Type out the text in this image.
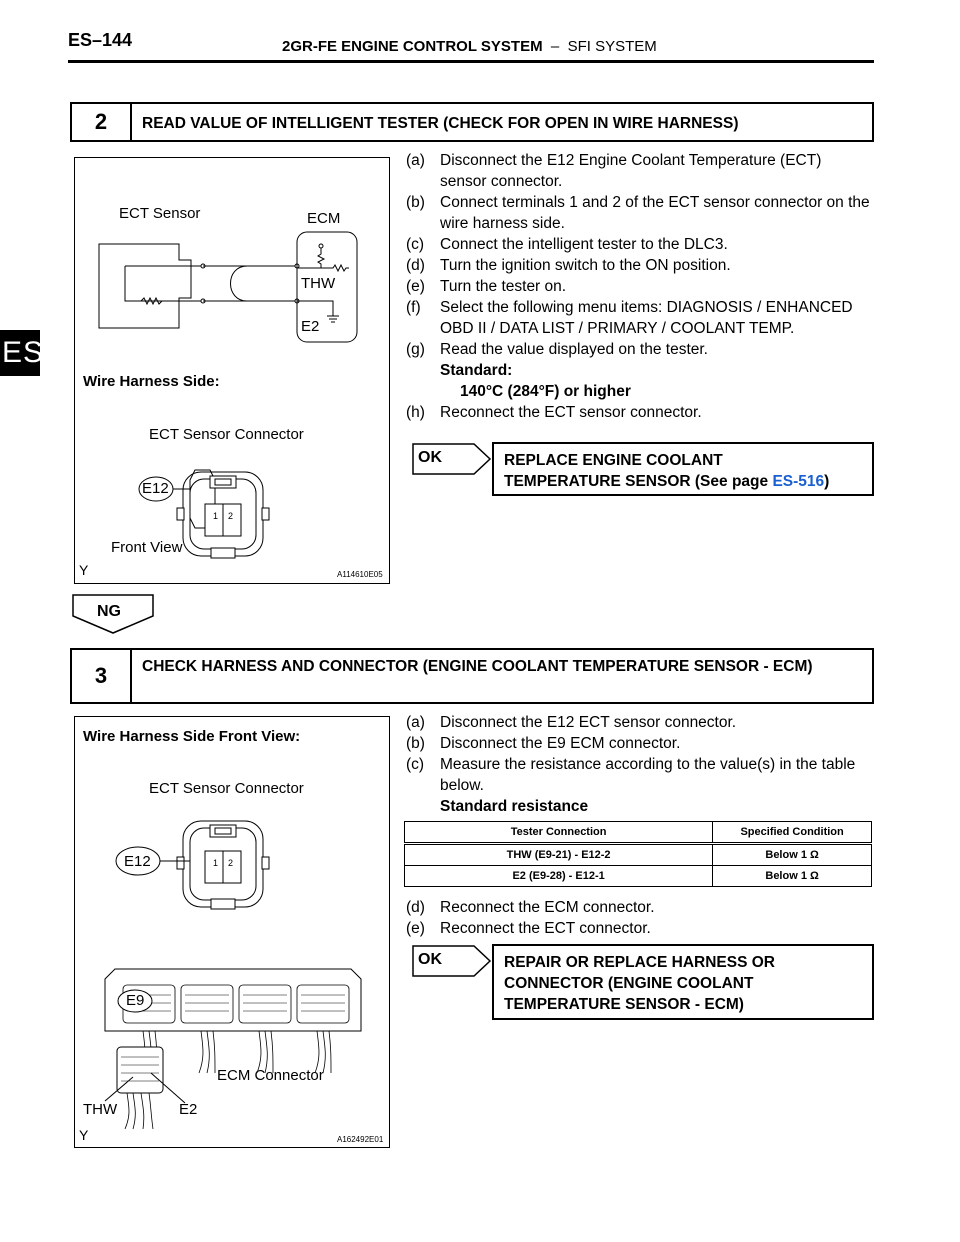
ES–144	2GR-FE ENGINE CONTROL SYSTEM  –  SFI SYSTEM
ES
2	READ VALUE OF INTELLIGENT TESTER (CHECK FOR OPEN IN WIRE HARNESS)
ECT Sensor	ECM
THW
E2
Wire Harness Side:
ECT Sensor Connector
E12
1 2
Front View
Y	A114610E05
(a) Disconnect the E12 Engine Coolant Temperature (ECT) sensor connector.
(b) Connect terminals 1 and 2 of the ECT sensor connector on the wire harness side.
(c)	Connect the intelligent tester to the DLC3.
(d) Turn the ignition switch to the ON position.
(e) Turn the tester on.
(f)	Select the following menu items: DIAGNOSIS / ENHANCED OBD II / DATA LIST / PRIMARY / COOLANT TEMP.
(g) Read the value displayed on the tester.
Standard:
140°C (284°F) or higher
(h) Reconnect the ECT sensor connector.
OK	REPLACE ENGINE COOLANT
TEMPERATURE SENSOR (See page ES-516)
NG
3	CHECK HARNESS AND CONNECTOR (ENGINE COOLANT TEMPERATURE SENSOR - ECM)
Wire Harness Side Front View:
ECT Sensor Connector
E12	1 2
E9
ECM Connector
THW	E2
Y	A162492E01
(a) Disconnect the E12 ECT sensor connector.
(b) Disconnect the E9 ECM connector.
(c)	Measure the resistance according to the value(s) in the table below.
Standard resistance
Tester Connection	Specified Condition
THW (E9-21) - E12-2	Below 1 Ω
E2 (E9-28) - E12-1	Below 1 Ω
(d) Reconnect the ECM connector.
(e) Reconnect the ECT connector.
OK	REPAIR OR REPLACE HARNESS OR CONNECTOR (ENGINE COOLANT TEMPERATURE SENSOR - ECM)
